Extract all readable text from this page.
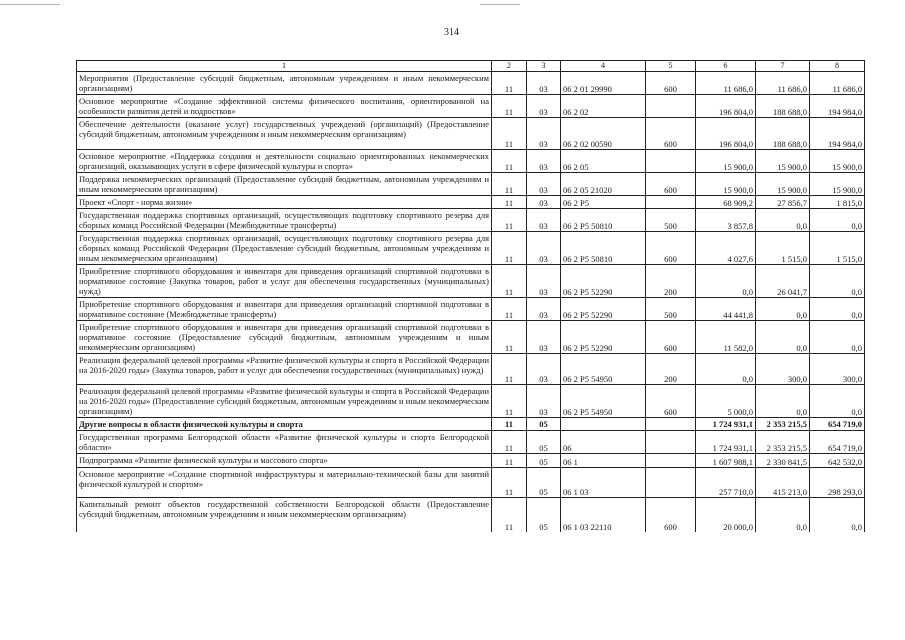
314
1	2	3	4	5	6	7	8
Мероприятия (Предоставление субсидий бюджетным, автономным учреждениям и иным некоммерческим организациям)	11	03	06 2 01 29990	600	11 686,0	11 686,0	11 686,0
Основное мероприятие «Создание эффективной системы физического воспитания, ориентированной на особенности развития детей и подростков»	11	03	06 2 02		196 804,0	188 688,0	194 984,0
Обеспечение деятельности (оказание услуг) государственных учреждений (организаций) (Предоставление субсидий бюджетным, автономным учреждениям и иным некоммерческим организациям)	11	03	06 2 02 00590	600	196 804,0	188 688,0	194 984,0
Основное мероприятие «Поддержка создания и деятельности социально ориентированных некоммерческих организаций, оказывающих услуги в сфере физической культуры и спорта»	11	03	06 2 05		15 900,0	15 900,0	15 900,0
Поддержка некоммерческих организаций (Предоставление субсидий бюджетным, автономным учреждениям и иным некоммерческим организациям)	11	03	06 2 05 21020	600	15 900,0	15 900,0	15 900,0
Проект «Спорт - норма жизни»	11	03	06 2 P5		68 909,2	27 856,7	1 815,0
Государственная поддержка спортивных организаций, осуществляющих подготовку спортивного резерва для сборных команд Российской Федерации (Межбюджетные трансферты)	11	03	06 2 P5 50810	500	3 857,8	0,0	0,0
Государственная поддержка спортивных организаций, осуществляющих подготовку спортивного резерва для сборных команд Российской Федерации (Предоставление субсидий бюджетным, автономным учреждениям и иным некоммерческим организациям)	11	03	06 2 P5 50810	600	4 027,6	1 515,0	1 515,0
Приобретение спортивного оборудования и инвентаря для приведения организаций спортивной подготовки в нормативное состояние (Закупка товаров, работ и услуг для обеспечения государственных (муниципальных) нужд)	11	03	06 2 P5 52290	200	0,0	26 041,7	0,0
Приобретение спортивного оборудования и инвентаря для приведения организаций спортивной подготовки в нормативное состояние (Межбюджетные трансферты)	11	03	06 2 P5 52290	500	44 441,8	0,0	0,0
Приобретение спортивного оборудования и инвентаря для приведения организаций спортивной подготовки в нормативное состояние (Предоставление субсидий бюджетным, автономным учреждениям и иным некоммерческим организациям)	11	03	06 2 P5 52290	600	11 582,0	0,0	0,0
Реализация федеральной целевой программы «Развитие физической культуры и спорта в Российской Федерации на 2016-2020 годы» (Закупка товаров, работ и услуг для обеспечения государственных (муниципальных) нужд)	11	03	06 2 P5 54950	200	0,0	300,0	300,0
Реализация федеральной целевой программы «Развитие физической культуры и спорта в Российской Федерации на 2016-2020 годы» (Предоставление субсидий бюджетным, автономным учреждениям и иным некоммерческим организациям)	11	03	06 2 P5 54950	600	5 000,0	0,0	0,0
Другие вопросы в области физической культуры и спорта	11	05			1 724 931,1	2 353 215,5	654 719,0
Государственная программа Белгородской области «Развитие физической культуры и спорта Белгородской области»	11	05	06		1 724 931,1	2 353 215,5	654 719,0
Подпрограмма «Развитие физической культуры и массового спорта»	11	05	06 1		1 607 988,1	2 330 841,5	642 532,0
Основное мероприятие «Создание спортивной инфраструктуры и материально-технической базы для занятий физической культурой и спортом»	11	05	06 1 03		257 710,0	415 213,0	298 293,0
Капитальный ремонт объектов государственной собственности Белгородской области (Предоставление субсидий бюджетным, автономным учреждениям и иным некоммерческим организациям)	11	05	06 1 03 22110	600	20 000,0	0,0	0,0
